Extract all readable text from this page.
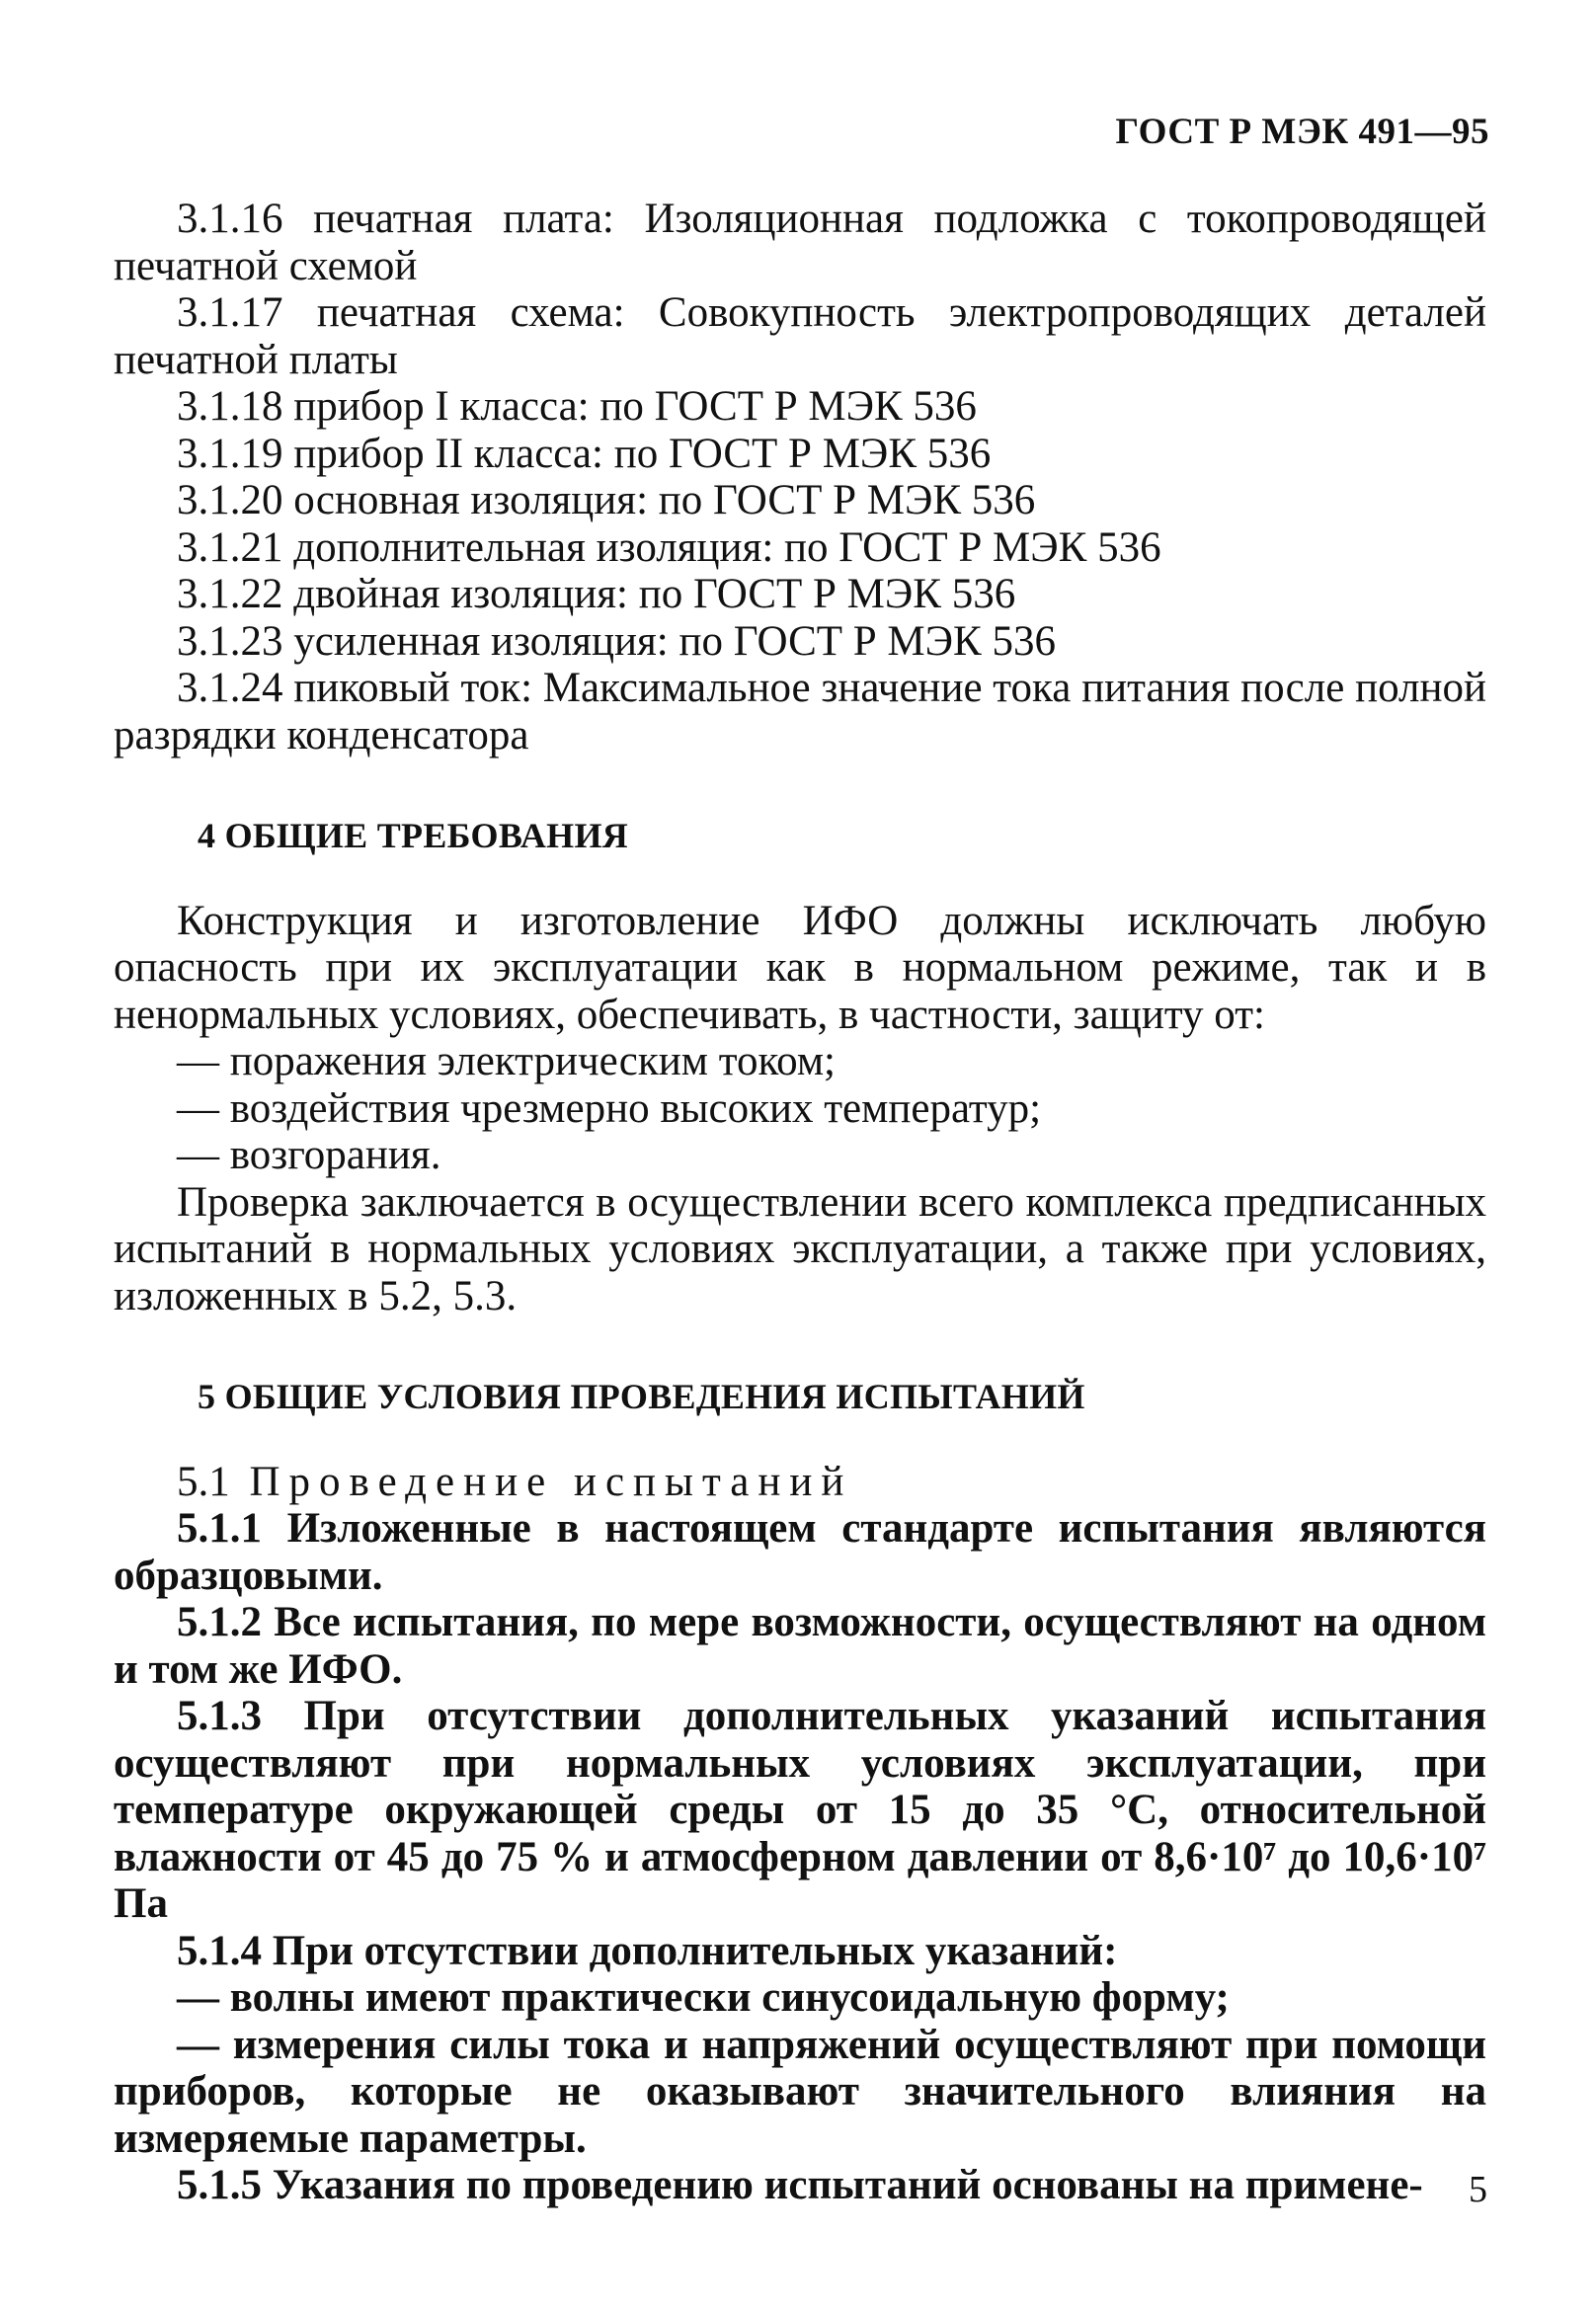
ГОСТ Р МЭК 491—95

3.1.16 печатная плата: Изоляционная подложка с токопроводящей печатной схемой

3.1.17 печатная схема: Совокупность электропроводящих деталей печатной платы

3.1.18 прибор I класса: по ГОСТ Р МЭК 536

3.1.19 прибор II класса: по ГОСТ Р МЭК 536

3.1.20 основная изоляция: по ГОСТ Р МЭК 536

3.1.21 дополнительная изоляция: по ГОСТ Р МЭК 536

3.1.22 двойная изоляция: по ГОСТ Р МЭК 536

3.1.23 усиленная изоляция: по ГОСТ Р МЭК 536

3.1.24 пиковый ток: Максимальное значение тока питания после полной разрядки конденсатора

4 ОБЩИЕ ТРЕБОВАНИЯ

Конструкция и изготовление ИФО должны исключать любую опасность при их эксплуатации как в нормальном режиме, так и в ненормальных условиях, обеспечивать, в частности, защиту от:

— поражения электрическим током;

— воздействия чрезмерно высоких температур;

— возгорания.

Проверка заключается в осуществлении всего комплекса предписанных испытаний в нормальных условиях эксплуатации, а также при условиях, изложенных в 5.2, 5.3.

5 ОБЩИЕ УСЛОВИЯ ПРОВЕДЕНИЯ ИСПЫТАНИЙ

5.1 Проведение испытаний

5.1.1 Изложенные в настоящем стандарте испытания являются образцовыми.

5.1.2 Все испытания, по мере возможности, осуществляют на одном и том же ИФО.

5.1.3 При отсутствии дополнительных указаний испытания осуществляют при нормальных условиях эксплуатации, при температуре окружающей среды от 15 до 35 °С, относительной влажности от 45 до 75 % и атмосферном давлении от 8,6·10⁷ до 10,6·10⁷ Па

5.1.4 При отсутствии дополнительных указаний:

— волны имеют практически синусоидальную форму;

— измерения силы тока и напряжений осуществляют при помощи приборов, которые не оказывают значительного влияния на измеряемые параметры.

5.1.5 Указания по проведению испытаний основаны на примене-	5
